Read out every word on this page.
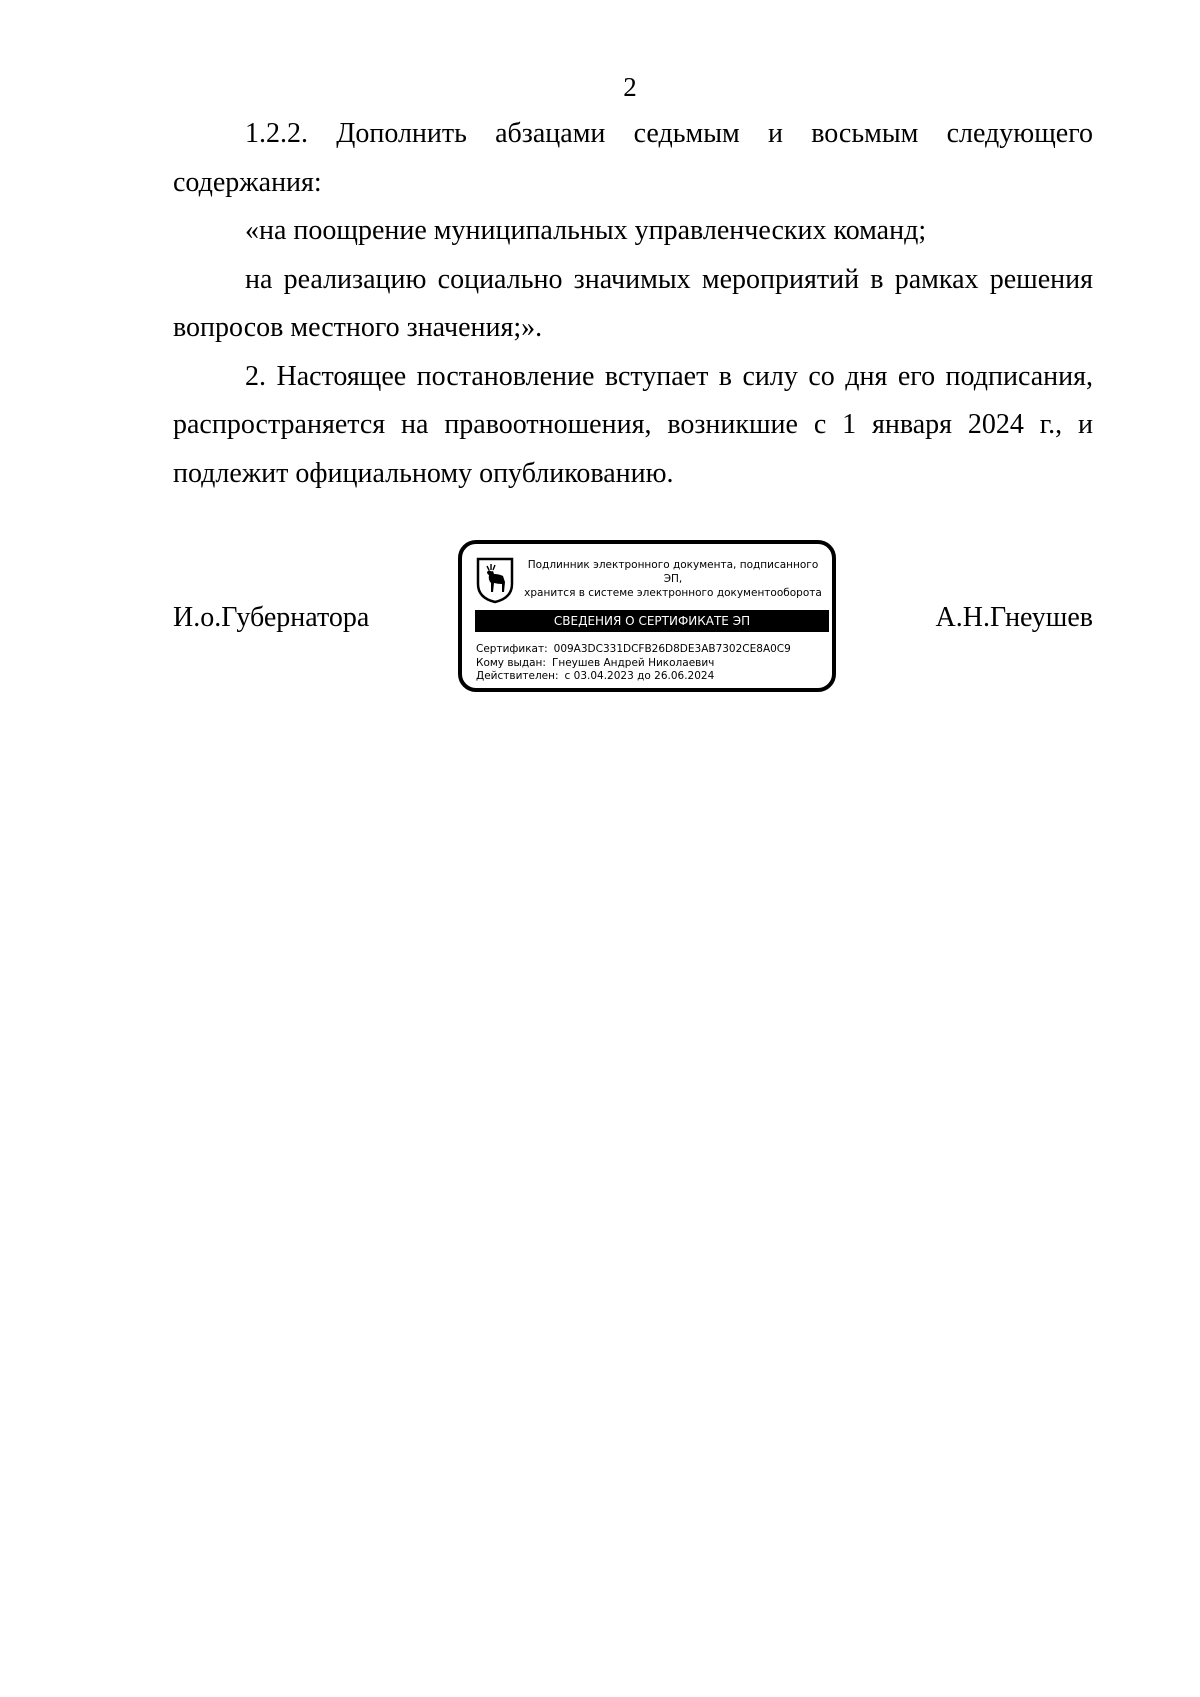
2

1.2.2. Дополнить абзацами седьмым и восьмым следующего содержания:

«на поощрение муниципальных управленческих команд;

на реализацию социально значимых мероприятий в рамках решения вопросов местного значения;».

2. Настоящее постановление вступает в силу со дня его подписания, распространяется на правоотношения, возникшие с 1 января 2024 г., и подлежит официальному опубликованию.

И.о.Губернатора
Подлинник электронного документа, подписанного ЭП,
хранится в системе электронного документооборота
СВЕДЕНИЯ О СЕРТИФИКАТЕ ЭП
Сертификат: 009A3DC331DCFB26D8DE3AB7302CE8A0C9
Кому выдан: Гнеушев Андрей Николаевич
Действителен: с 03.04.2023 до 26.06.2024
А.Н.Гнеушев
